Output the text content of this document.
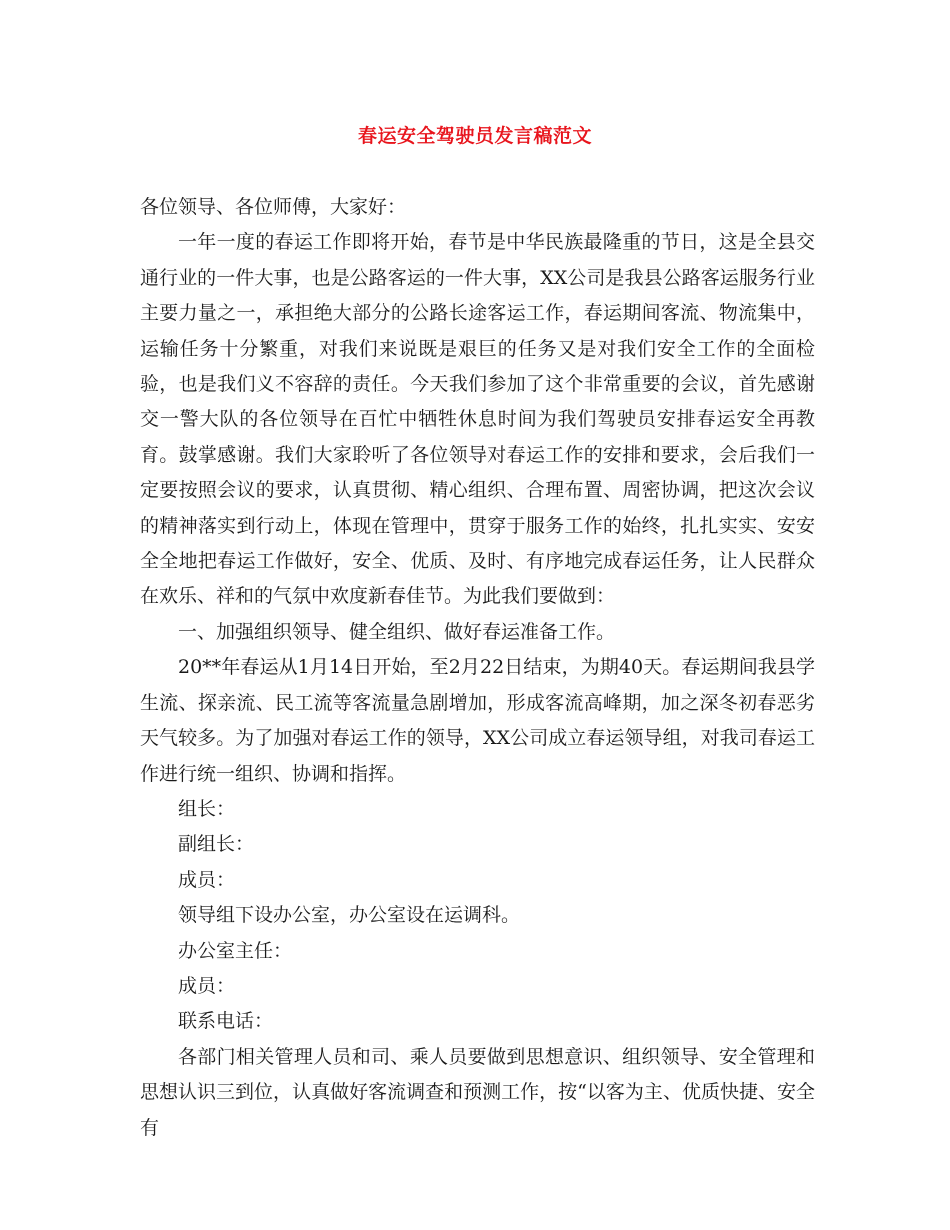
春运安全驾驶员发言稿范文

各位领导、各位师傅，大家好：

一年一度的春运工作即将开始，春节是中华民族最隆重的节日，这是全县交通行业的一件大事，也是公路客运的一件大事，XX公司是我县公路客运服务行业主要力量之一，承担绝大部分的公路长途客运工作，春运期间客流、物流集中，运输任务十分繁重，对我们来说既是艰巨的任务又是对我们安全工作的全面检验，也是我们义不容辞的责任。今天我们参加了这个非常重要的会议，首先感谢交一警大队的各位领导在百忙中牺牲休息时间为我们驾驶员安排春运安全再教育。鼓掌感谢。我们大家聆听了各位领导对春运工作的安排和要求，会后我们一定要按照会议的要求，认真贯彻、精心组织、合理布置、周密协调，把这次会议的精神落实到行动上，体现在管理中，贯穿于服务工作的始终，扎扎实实、安安全全地把春运工作做好，安全、优质、及时、有序地完成春运任务，让人民群众在欢乐、祥和的气氛中欢度新春佳节。为此我们要做到：

一、加强组织领导、健全组织、做好春运准备工作。

20**年春运从1月14日开始，至2月22日结束，为期40天。春运期间我县学生流、探亲流、民工流等客流量急剧增加，形成客流高峰期，加之深冬初春恶劣天气较多。为了加强对春运工作的领导，XX公司成立春运领导组，对我司春运工作进行统一组织、协调和指挥。

组长：

副组长：

成员：

领导组下设办公室，办公室设在运调科。

办公室主任：

成员：

联系电话：

各部门相关管理人员和司、乘人员要做到思想意识、组织领导、安全管理和思想认识三到位，认真做好客流调查和预测工作，按“以客为主、优质快捷、安全有
